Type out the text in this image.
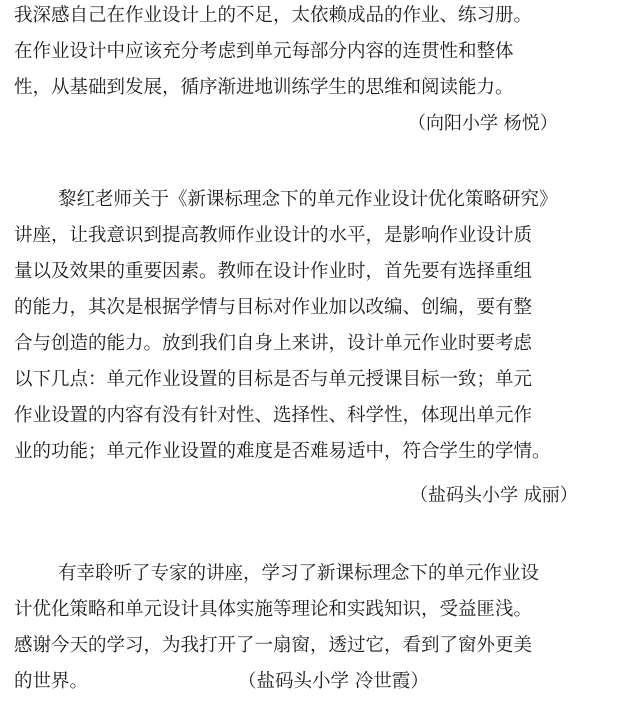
我深感自己在作业设计上的不足，太依赖成品的作业、练习册。
在作业设计中应该充分考虑到单元每部分内容的连贯性和整体
性，从基础到发展，循序渐进地训练学生的思维和阅读能力。
（向阳小学 杨悦）
黎红老师关于《新课标理念下的单元作业设计优化策略研究》
讲座，让我意识到提高教师作业设计的水平，是影响作业设计质
量以及效果的重要因素。教师在设计作业时，首先要有选择重组
的能力，其次是根据学情与目标对作业加以改编、创编，要有整
合与创造的能力。放到我们自身上来讲，设计单元作业时要考虑
以下几点：单元作业设置的目标是否与单元授课目标一致；单元
作业设置的内容有没有针对性、选择性、科学性，体现出单元作
业的功能；单元作业设置的难度是否难易适中，符合学生的学情。
（盐码头小学 成丽）
有幸聆听了专家的讲座，学习了新课标理念下的单元作业设
计优化策略和单元设计具体实施等理论和实践知识，受益匪浅。
感谢今天的学习，为我打开了一扇窗，透过它，看到了窗外更美
的世界。	（盐码头小学 冷世霞）
